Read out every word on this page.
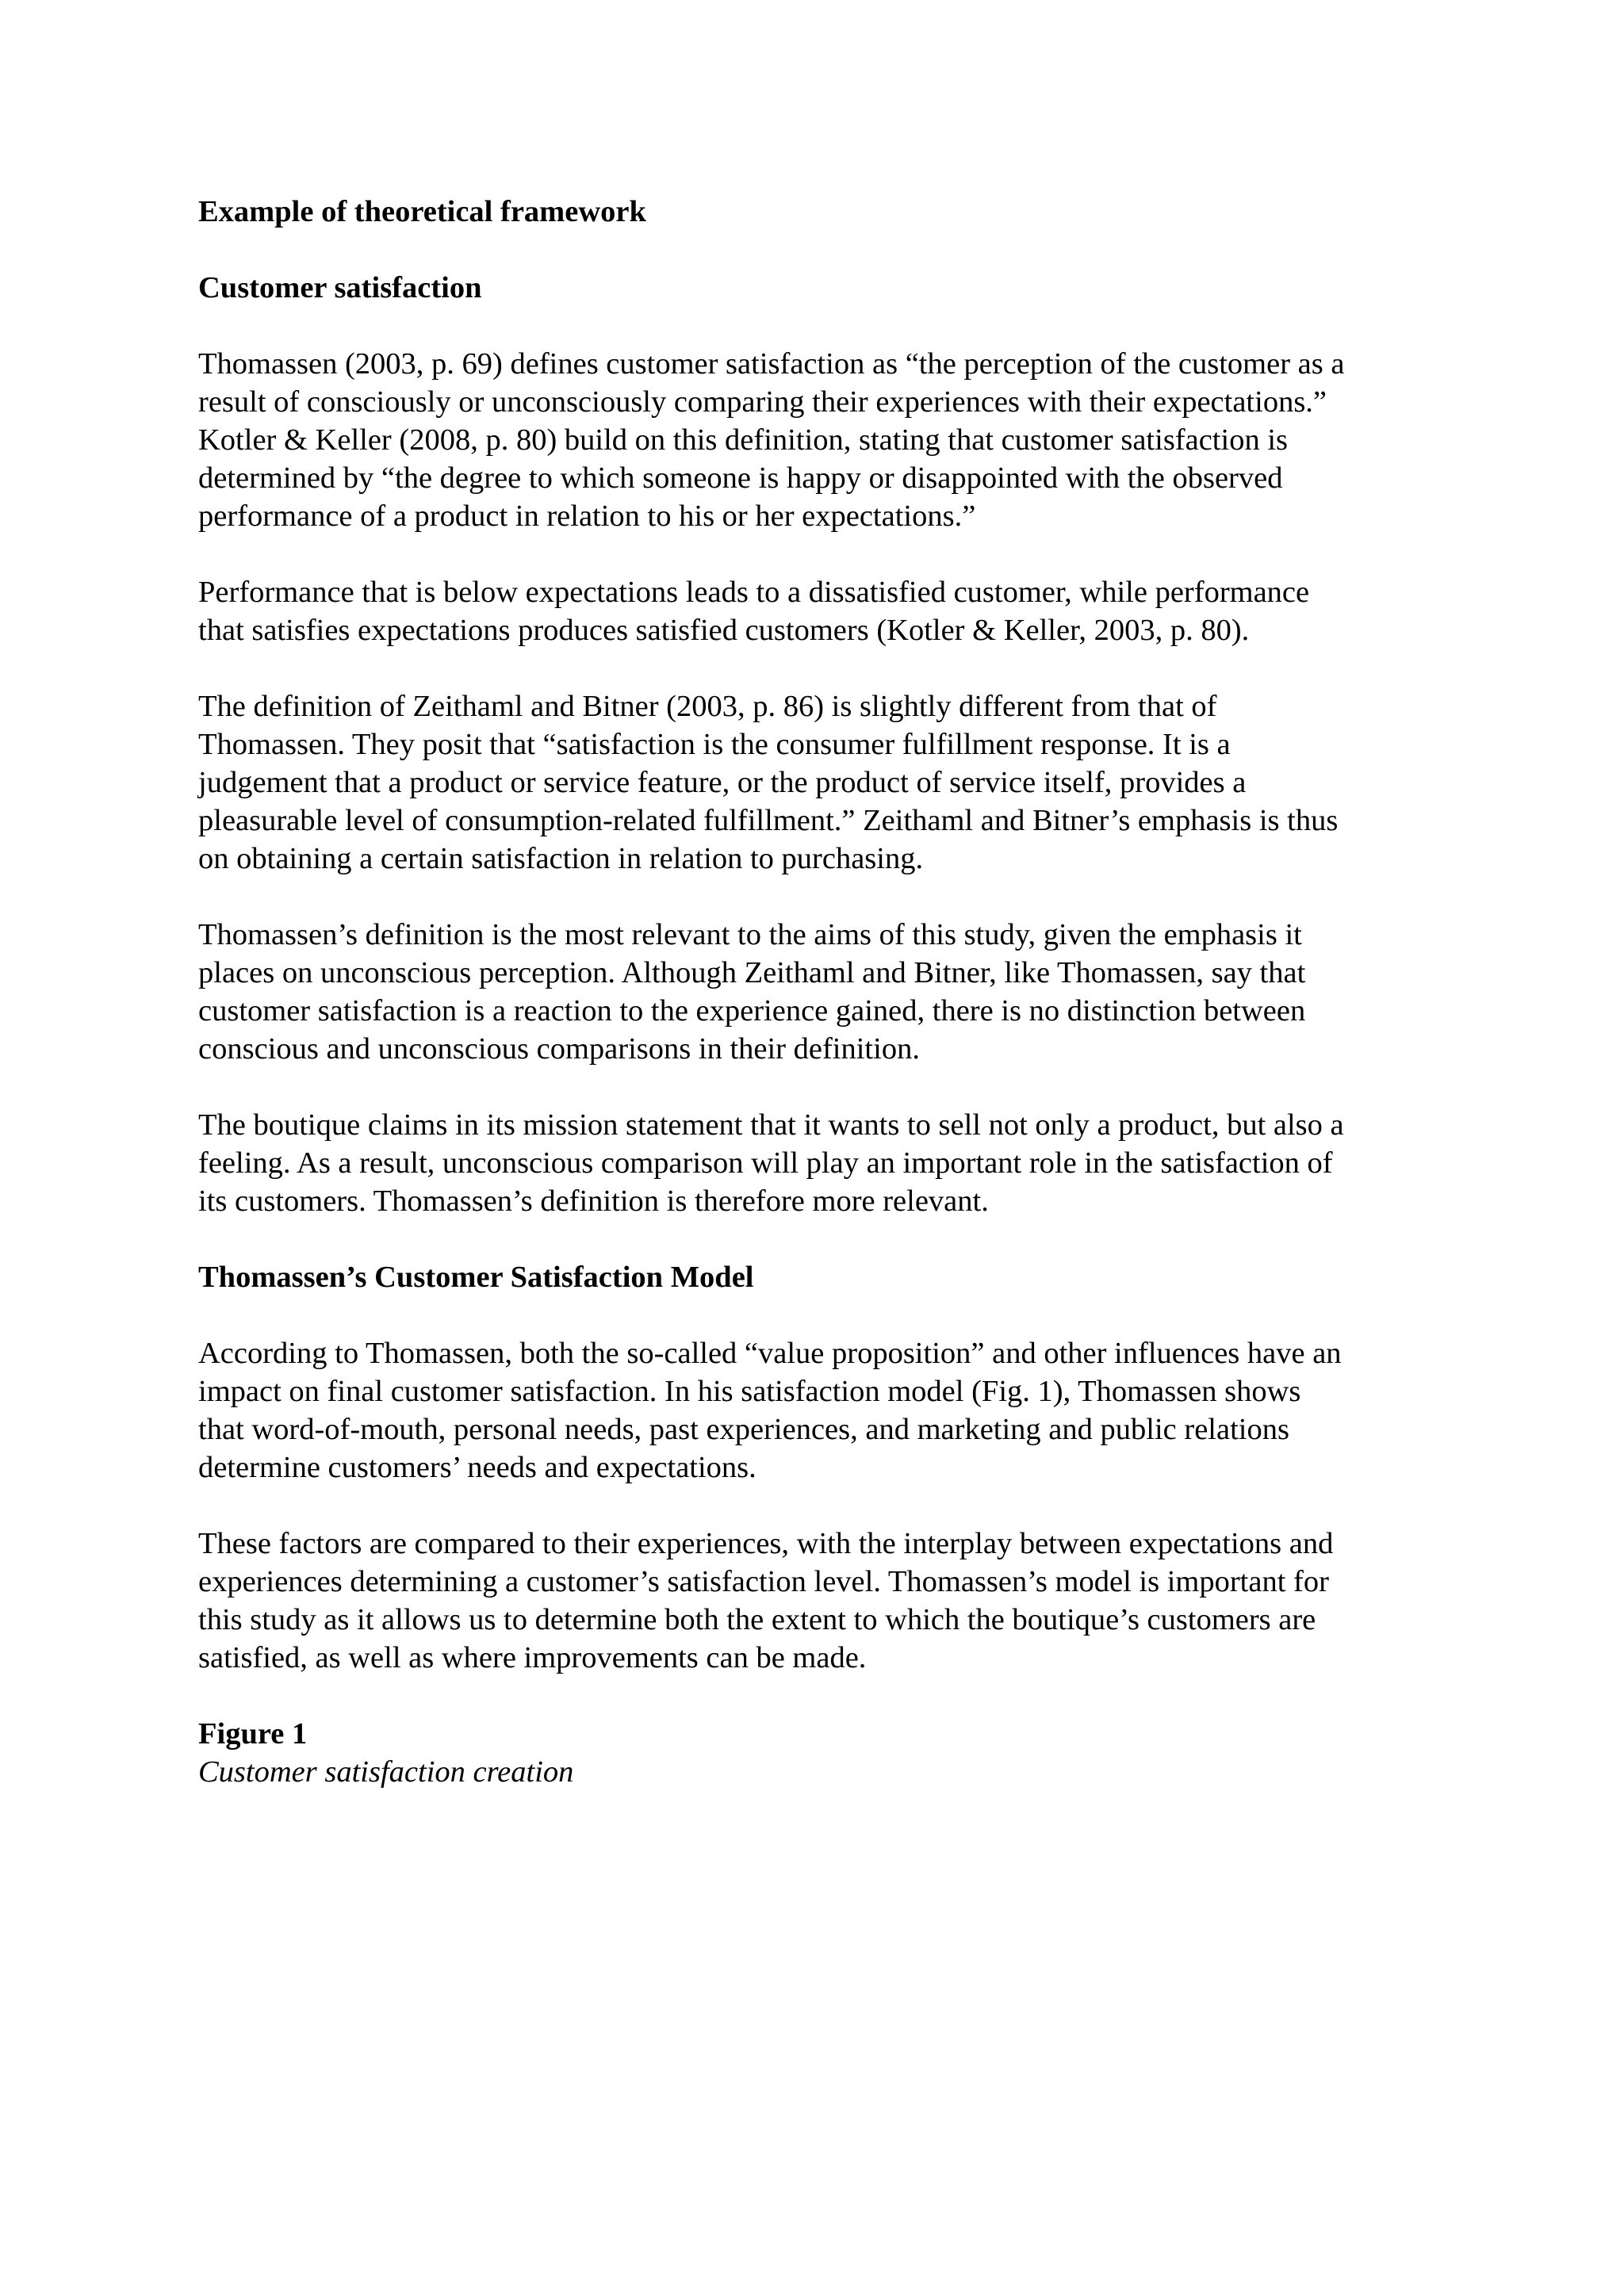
Example of theoretical framework
Customer satisfaction

Thomassen (2003, p. 69) defines customer satisfaction as “the perception of the customer as a
result of consciously or unconsciously comparing their experiences with their expectations.”
Kotler & Keller (2008, p. 80) build on this definition, stating that customer satisfaction is
determined by “the degree to which someone is happy or disappointed with the observed
performance of a product in relation to his or her expectations.”

Performance that is below expectations leads to a dissatisfied customer, while performance
that satisfies expectations produces satisfied customers (Kotler & Keller, 2003, p. 80).

The definition of Zeithaml and Bitner (2003, p. 86) is slightly different from that of
Thomassen. They posit that “satisfaction is the consumer fulfillment response. It is a
judgement that a product or service feature, or the product of service itself, provides a
pleasurable level of consumption-related fulfillment.” Zeithaml and Bitner’s emphasis is thus
on obtaining a certain satisfaction in relation to purchasing.

Thomassen’s definition is the most relevant to the aims of this study, given the emphasis it
places on unconscious perception. Although Zeithaml and Bitner, like Thomassen, say that
customer satisfaction is a reaction to the experience gained, there is no distinction between
conscious and unconscious comparisons in their definition.

The boutique claims in its mission statement that it wants to sell not only a product, but also a
feeling. As a result, unconscious comparison will play an important role in the satisfaction of
its customers. Thomassen’s definition is therefore more relevant.

Thomassen’s Customer Satisfaction Model

According to Thomassen, both the so-called “value proposition” and other influences have an
impact on final customer satisfaction. In his satisfaction model (Fig. 1), Thomassen shows
that word-of-mouth, personal needs, past experiences, and marketing and public relations
determine customers’ needs and expectations.

These factors are compared to their experiences, with the interplay between expectations and
experiences determining a customer’s satisfaction level. Thomassen’s model is important for
this study as it allows us to determine both the extent to which the boutique’s customers are
satisfied, as well as where improvements can be made.

Figure 1
Customer satisfaction creation
